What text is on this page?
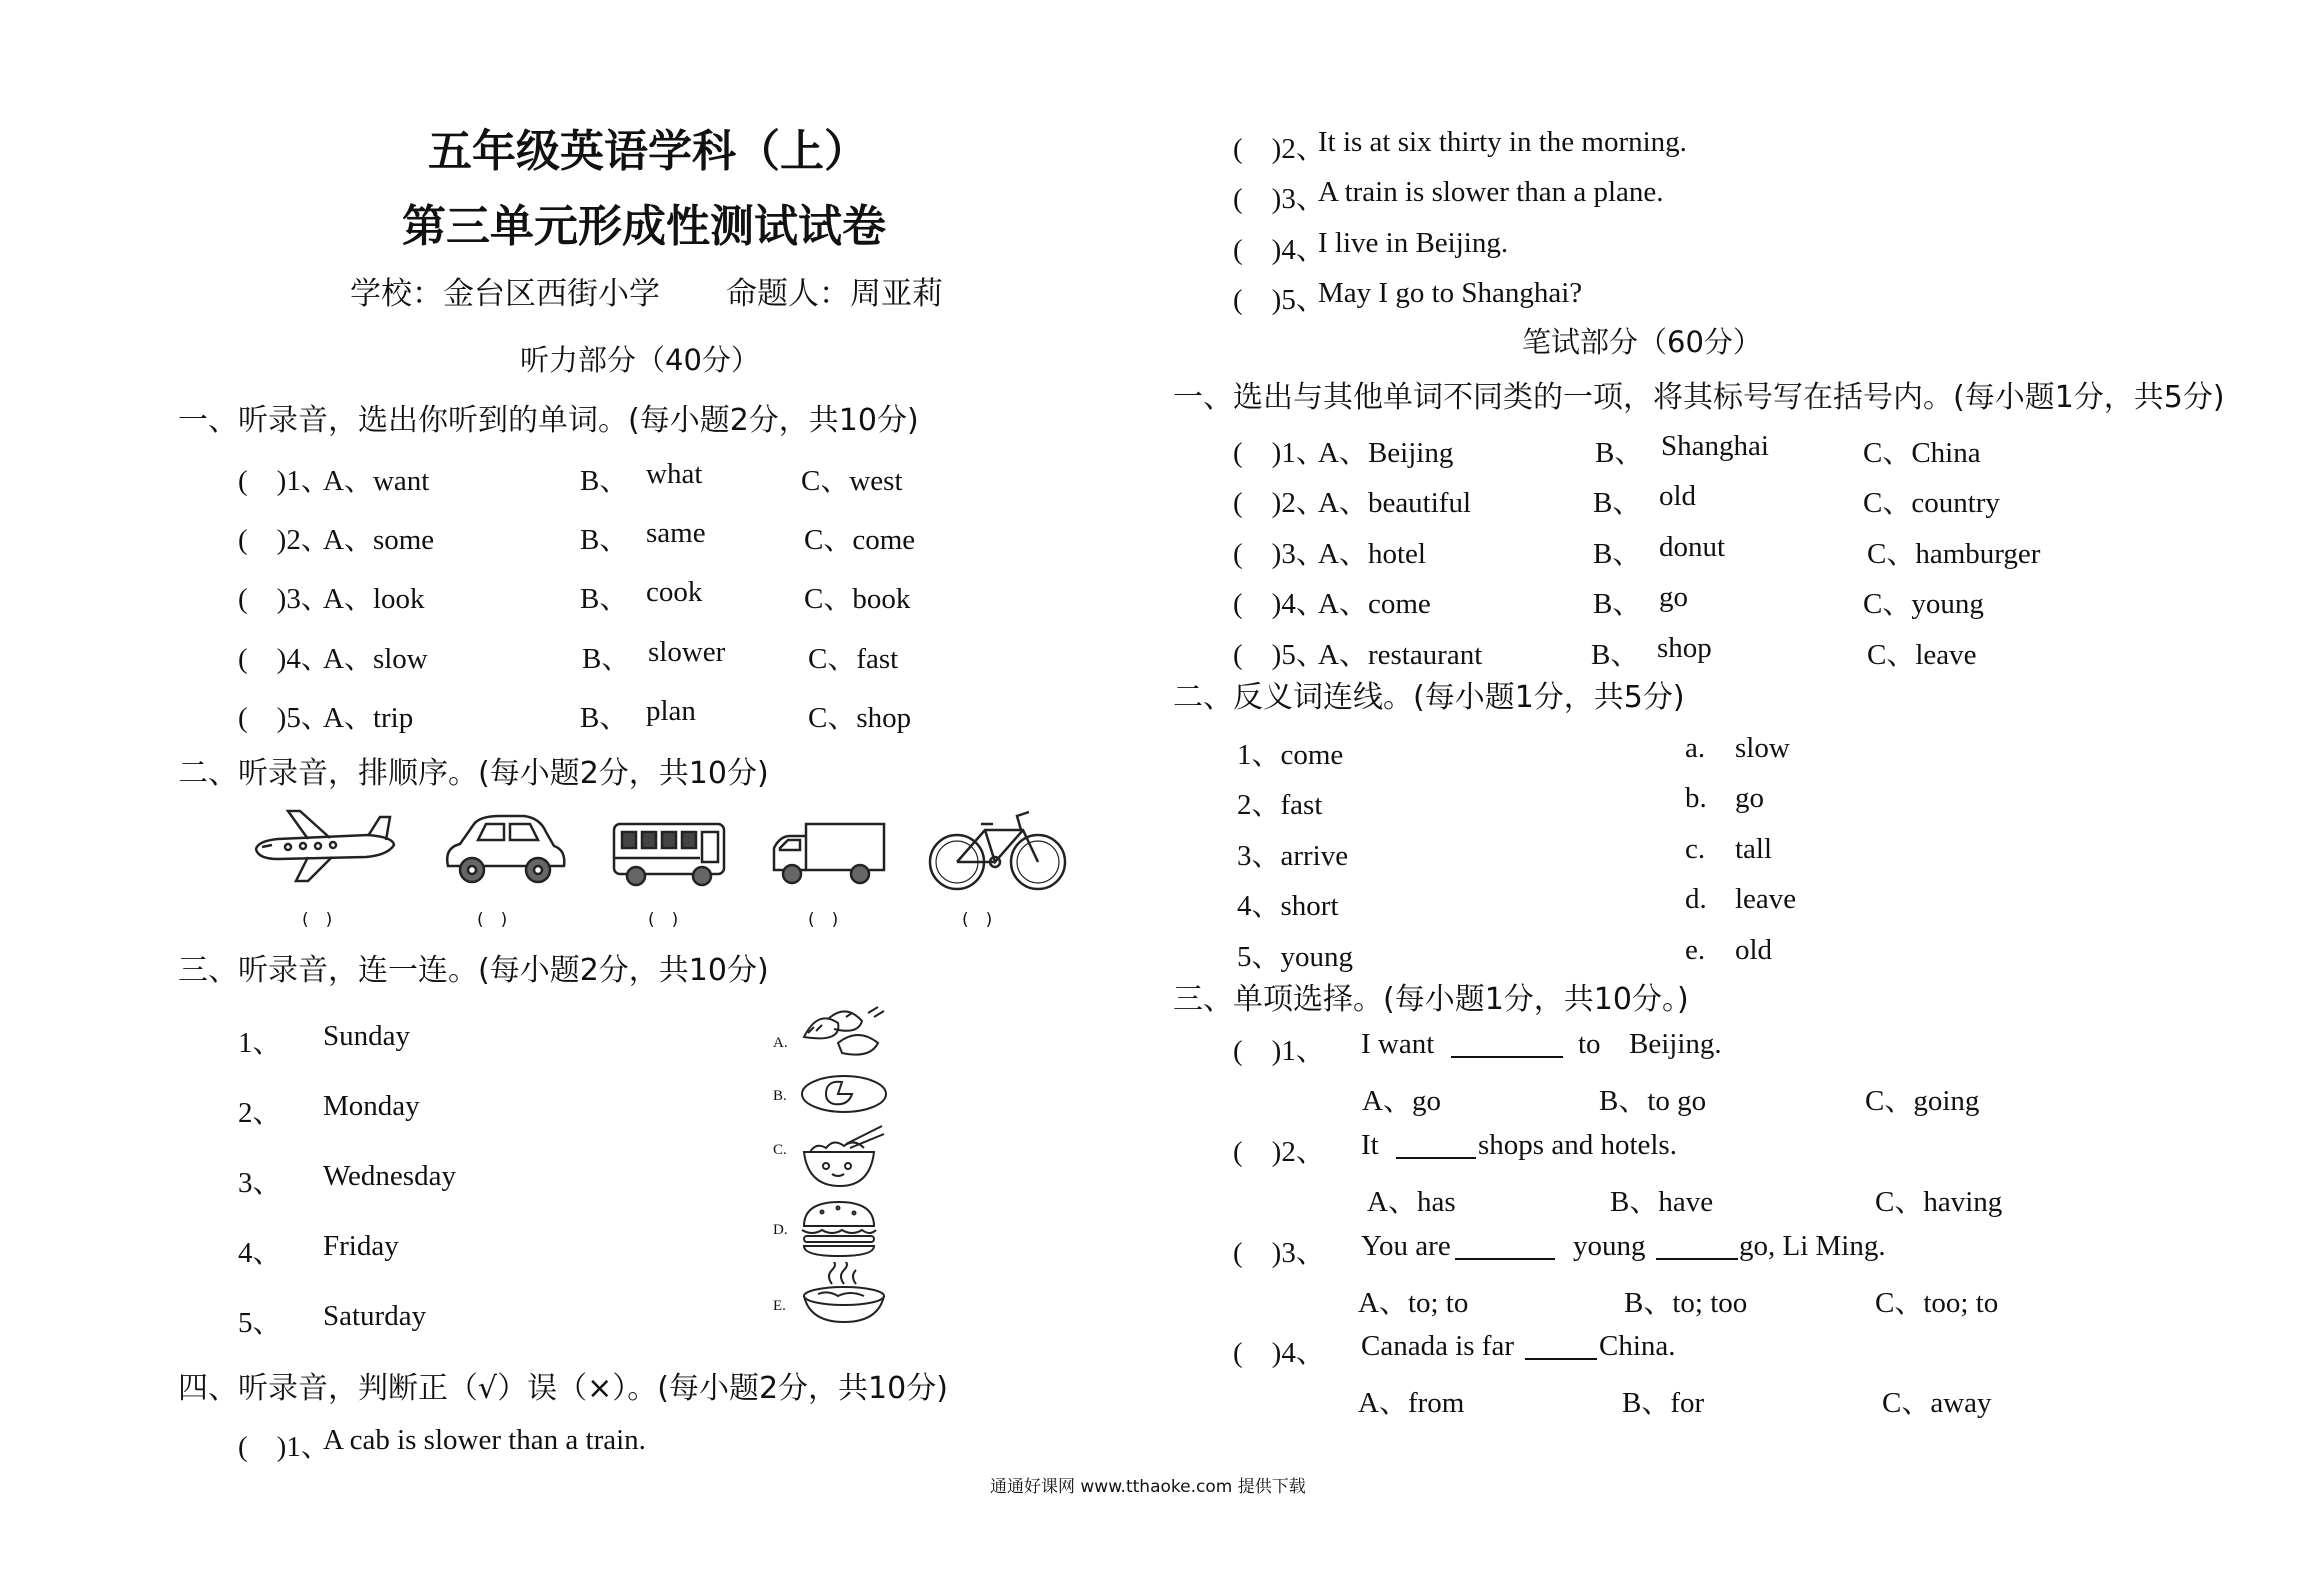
五年级英语学科（上）
第三单元形成性测试试卷
学校：金台区西街小学 命题人：周亚莉
听力部分（40分）
一、听录音，选出你听到的单词。(每小题2分，共10分)
(　)1、
A、want	B、 what	C、west
(　)2、
A、some	B、 same	C、come
(　)3、
A、look	B、 cook	C、book
(　)4、
A、slow	B、 slower	C、fast
(　)5、
A、trip	B、 plan	C、shop
二、听录音，排顺序。(每小题2分，共10分)
(　)	(　)	(　)	(　)	(　)
三、听录音，连一连。(每小题2分，共10分)
1、 Sunday
2、 Monday
3、 Wednesday
4、 Friday
5、 Saturday
A.
B.
C.
D.
E.
四、听录音，判断正（√）误（×）。(每小题2分，共10分)
(　)1、
A cab is slower than a train.
(　)2、
It is at six thirty in the morning.
(　)3、
A train is slower than a plane.
(　)4、
I live in Beijing.
(　)5、
May I go to Shanghai?
笔试部分（60分）
一、选出与其他单词不同类的一项，将其标号写在括号内。(每小题1分，共5分)
(　)1、
A、Beijing	B、 Shanghai	C、China
(　)2、
A、beautiful	B、 old	C、country
(　)3、
A、hotel	B、 donut	C、hamburger
(　)4、
A、come	B、 go	C、young
(　)5、
A、restaurant	B、 shop	C、leave
二、反义词连线。(每小题1分，共5分)
1、come	a. slow
2、fast	b. go
3、arrive	c. tall
4、short	d. leave
5、young	e. old
三、单项选择。(每小题1分，共10分。)
(　)1、 I want	to Beijing.
A、go	B、to go	C、going
(　)2、 It	shops and hotels.
A、has	B、have	C、having
(　)3、 You are	young	go, Li Ming.
A、to; to	B、to; too	C、too; to
(　)4、 Canada is far	China.
A、from	B、for	C、away
通通好课网 www.tthaoke.com 提供下载
